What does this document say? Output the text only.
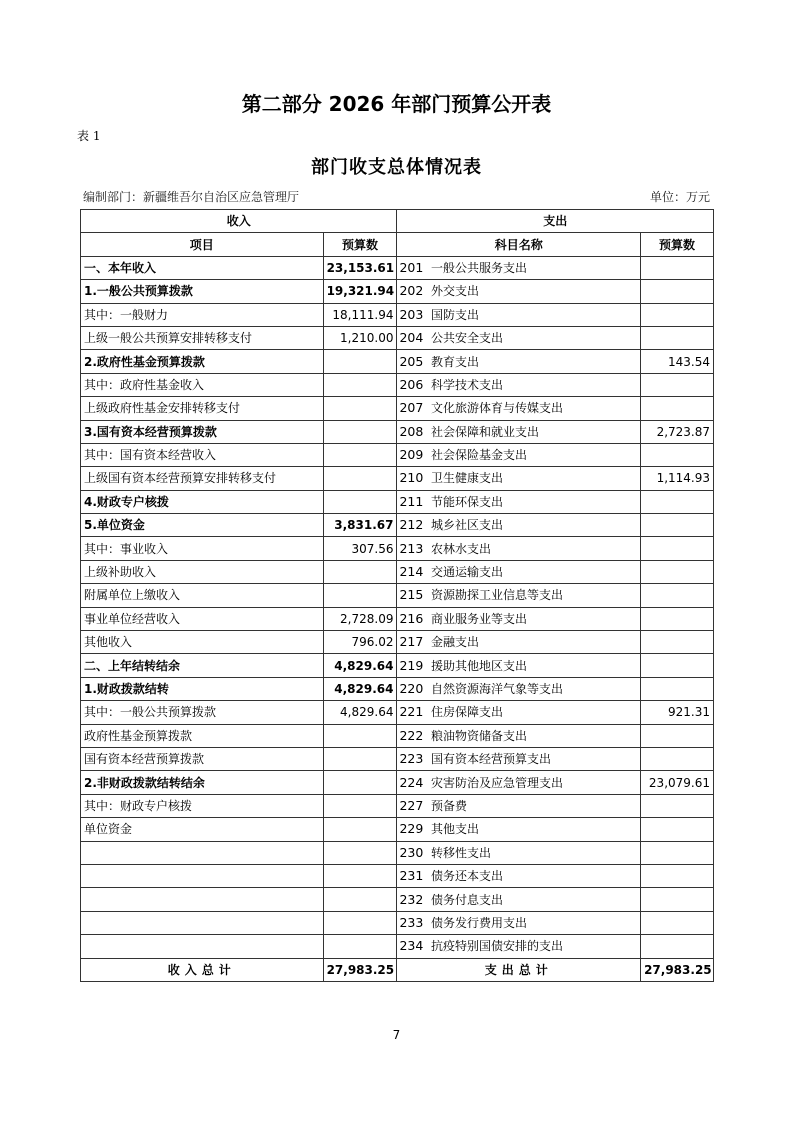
第二部分 2026 年部门预算公开表
表 1
部门收支总体情况表
编制部门：新疆维吾尔自治区应急管理厅	单位：万元
收入		支出	
项目	预算数	科目名称	预算数
一、本年收入	23,153.61	201 一般公共服务支出	
1.一般公共预算拨款	19,321.94	202 外交支出	
其中：一般财力	18,111.94	203 国防支出	
上级一般公共预算安排转移支付	1,210.00	204 公共安全支出	
2.政府性基金预算拨款		205 教育支出	143.54
其中：政府性基金收入		206 科学技术支出	
上级政府性基金安排转移支付		207 文化旅游体育与传媒支出	
3.国有资本经营预算拨款		208 社会保障和就业支出	2,723.87
其中：国有资本经营收入		209 社会保险基金支出	
上级国有资本经营预算安排转移支付		210 卫生健康支出	1,114.93
4.财政专户核拨		211 节能环保支出	
5.单位资金	3,831.67	212 城乡社区支出	
其中：事业收入	307.56	213 农林水支出	
上级补助收入		214 交通运输支出	
附属单位上缴收入		215 资源勘探工业信息等支出	
事业单位经营收入	2,728.09	216 商业服务业等支出	
其他收入	796.02	217 金融支出	
二、上年结转结余	4,829.64	219 援助其他地区支出	
1.财政拨款结转	4,829.64	220 自然资源海洋气象等支出	
其中：一般公共预算拨款	4,829.64	221 住房保障支出	921.31
政府性基金预算拨款		222 粮油物资储备支出	
国有资本经营预算拨款		223 国有资本经营预算支出	
2.非财政拨款结转结余		224 灾害防治及应急管理支出	23,079.61
其中：财政专户核拨		227 预备费	
单位资金		229 其他支出	
		230 转移性支出	
		231 债务还本支出	
		232 债务付息支出	
		233 债务发行费用支出	
		234 抗疫特别国债安排的支出	
收入总计	27,983.25	支出总计	27,983.25
7
